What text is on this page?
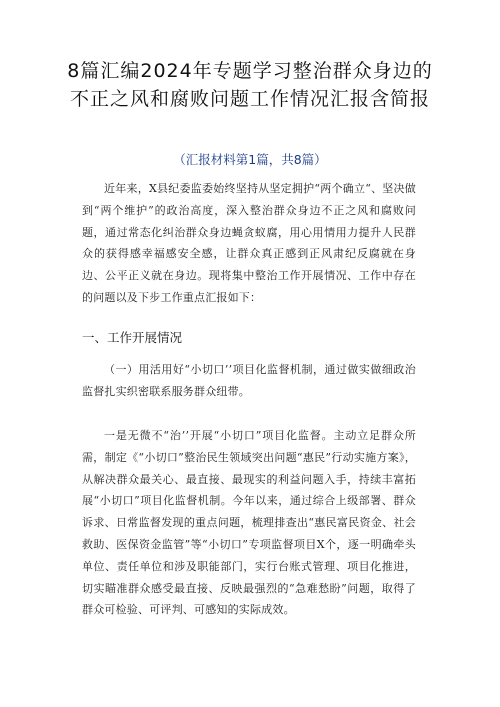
8篇汇编2024年专题学习整治群众身边的
不正之风和腐败问题工作情况汇报含简报
（汇报材料第1篇，共8篇）
近年来，X县纪委监委始终坚持从坚定拥护“两个确立“、坚决做到“两个维护”的政治高度，深入整治群众身边不正之风和腐败问题，通过常态化纠治群众身边蝇贪蚁腐，用心用情用力提升人民群众的获得感幸福感安全感，让群众真正感到正风肃纪反腐就在身边、公平正义就在身边。现将集中整治工作开展情况、工作中存在的问题以及下步工作重点汇报如下：
一、工作开展情况
（一）用活用好“小切口’’项目化监督机制，通过做实做细政治监督扎实织密联系服务群众纽带。
一是无微不“治’’开展“小切口”项目化监督。主动立足群众所需，制定《“小切口”整治民生领域突出问题“惠民”行动实施方案》，从解决群众最关心、最直接、最现实的利益问题入手，持续丰富拓展“小切口”项目化监督机制。今年以来，通过综合上级部署、群众诉求、日常监督发现的重点问题，梳理排查出“惠民富民资金、社会救助、医保资金监管”等“小切口”专项监督项目X个，逐一明确牵头单位、责任单位和涉及职能部门，实行台账式管理、项目化推进，切实瞄准群众感受最直接、反映最强烈的“急难愁盼”问题，取得了群众可检验、可评判、可感知的实际成效。
